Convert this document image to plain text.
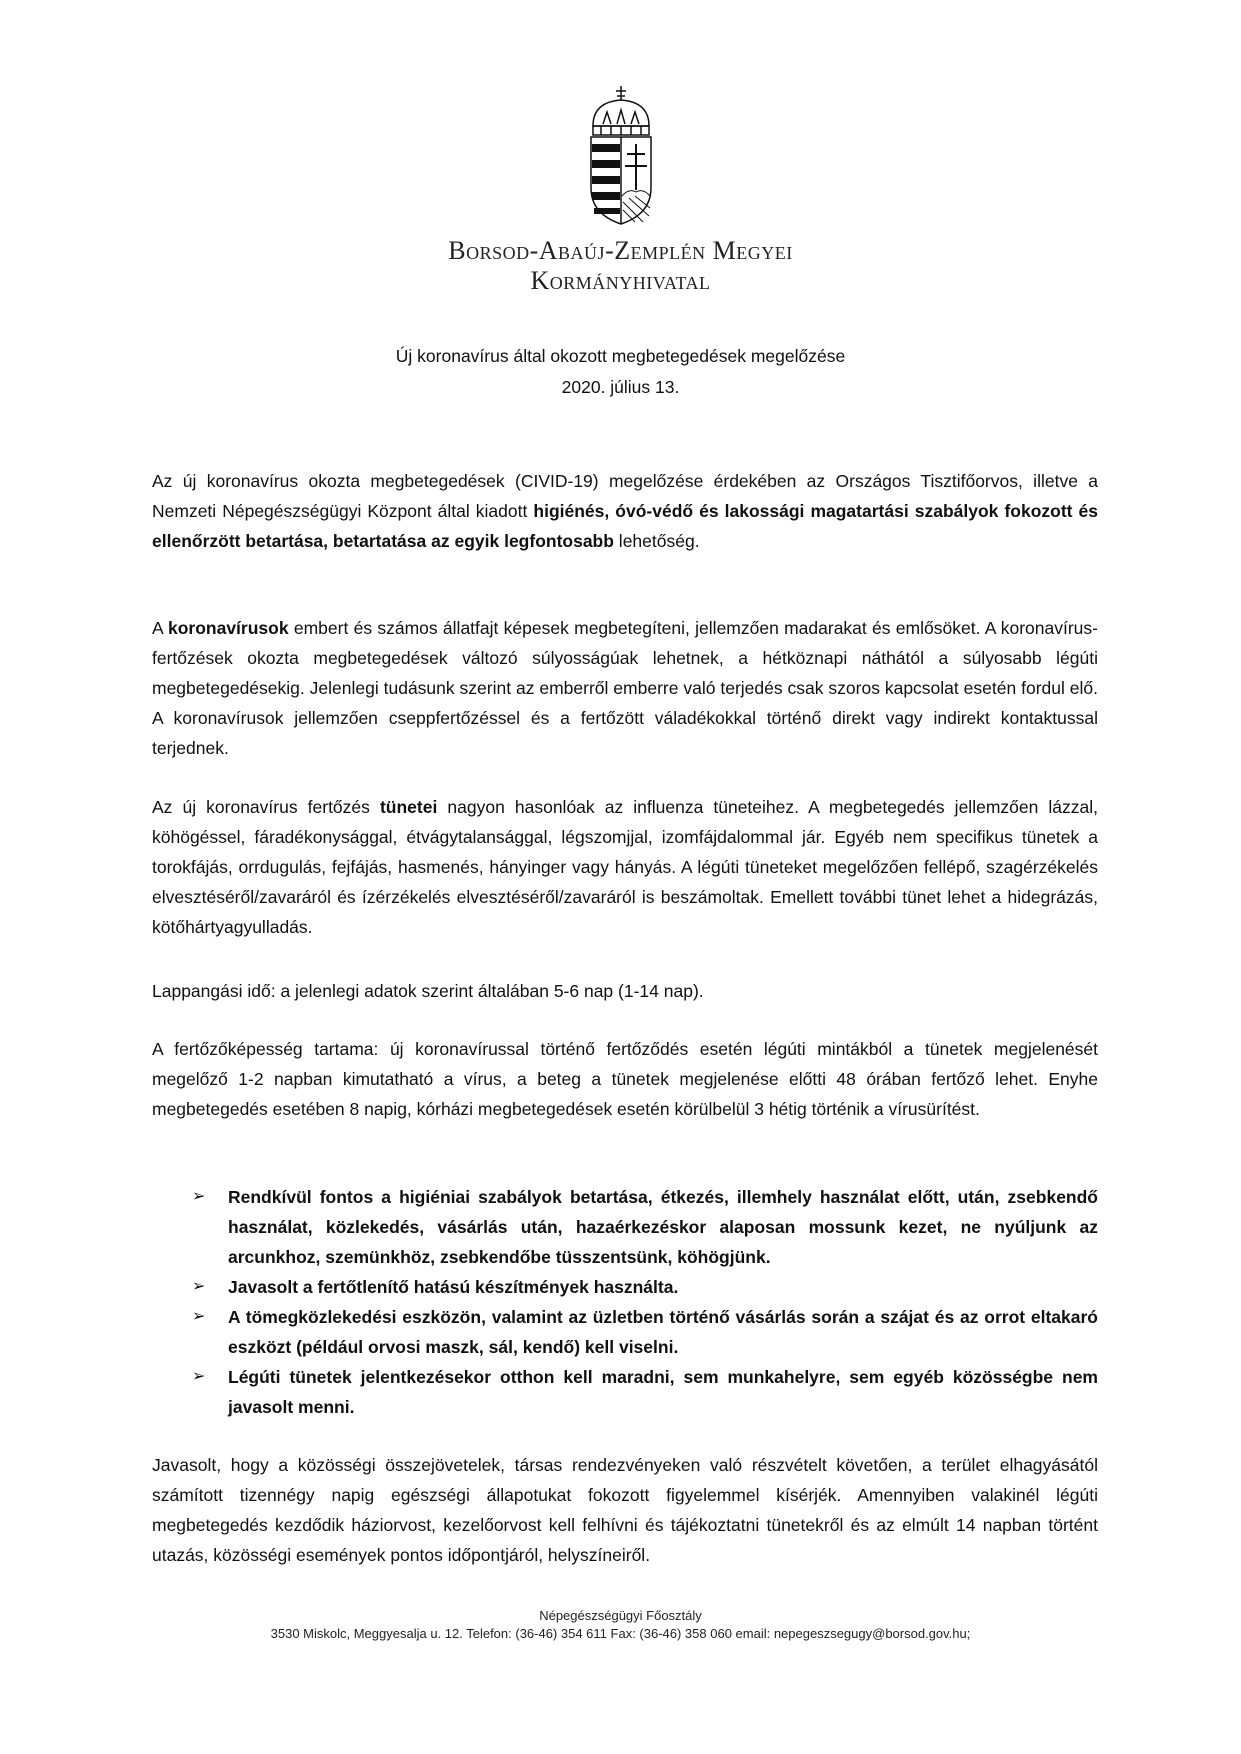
Borsod-Abaúj-Zemplén Megyei
Kormányhivatal
Új koronavírus által okozott megbetegedések megelőzése
2020. július 13.

Az új koronavírus okozta megbetegedések (CIVID-19) megelőzése érdekében az Országos Tisztifőorvos, illetve a Nemzeti Népegészségügyi Központ által kiadott higiénés, óvó-védő és lakossági magatartási szabályok fokozott és ellenőrzött betartása, betartatása az egyik legfontosabb lehetőség.

A koronavírusok embert és számos állatfajt képesek megbetegíteni, jellemzően madarakat és emlősöket. A koronavírus-fertőzések okozta megbetegedések változó súlyosságúak lehetnek, a hétköznapi náthától a súlyosabb légúti megbetegedésekig. Jelenlegi tudásunk szerint az emberről emberre való terjedés csak szoros kapcsolat esetén fordul elő. A koronavírusok jellemzően cseppfertőzéssel és a fertőzött váladékokkal történő direkt vagy indirekt kontaktussal terjednek.

Az új koronavírus fertőzés tünetei nagyon hasonlóak az influenza tüneteihez. A megbetegedés jellemzően lázzal, köhögéssel, fáradékonysággal, étvágytalansággal, légszomjjal, izomfájdalommal jár. Egyéb nem specifikus tünetek a torokfájás, orrdugulás, fejfájás, hasmenés, hányinger vagy hányás. A légúti tüneteket megelőzően fellépő, szagérzékelés elvesztéséről/zavaráról és ízérzékelés elvesztéséről/zavaráról is beszámoltak. Emellett további tünet lehet a hidegrázás, kötőhártyagyulladás.

Lappangási idő: a jelenlegi adatok szerint általában 5-6 nap (1-14 nap).

A fertőzőképesség tartama: új koronavírussal történő fertőződés esetén légúti mintákból a tünetek megjelenését megelőző 1-2 napban kimutatható a vírus, a beteg a tünetek megjelenése előtti 48 órában fertőző lehet. Enyhe megbetegedés esetében 8 napig, kórházi megbetegedések esetén körülbelül 3 hétig történik a vírusürítést.

➢ Rendkívül fontos a higiéniai szabályok betartása, étkezés, illemhely használat előtt, után, zsebkendő használat, közlekedés, vásárlás után, hazaérkezéskor alaposan mossunk kezet, ne nyúljunk az arcunkhoz, szemünkhöz, zsebkendőbe tüsszentsünk, köhögjünk.
➢ Javasolt a fertőtlenítő hatású készítmények használta.
➢ A tömegközlekedési eszközön, valamint az üzletben történő vásárlás során a szájat és az orrot eltakaró eszközt (például orvosi maszk, sál, kendő) kell viselni.
➢ Légúti tünetek jelentkezésekor otthon kell maradni, sem munkahelyre, sem egyéb közösségbe nem javasolt menni.

Javasolt, hogy a közösségi összejövetelek, társas rendezvényeken való részvételt követően, a terület elhagyásától számított tizennégy napig egészségi állapotukat fokozott figyelemmel kísérjék. Amennyiben valakinél légúti megbetegedés kezdődik háziorvost, kezelőorvost kell felhívni és tájékoztatni tünetekről és az elmúlt 14 napban történt utazás, közösségi események pontos időpontjáról, helyszíneiről.

Népegészségügyi Főosztály
3530 Miskolc, Meggyesalja u. 12. Telefon: (36-46) 354 611 Fax: (36-46) 358 060 email: nepegeszsegugy@borsod.gov.hu;
